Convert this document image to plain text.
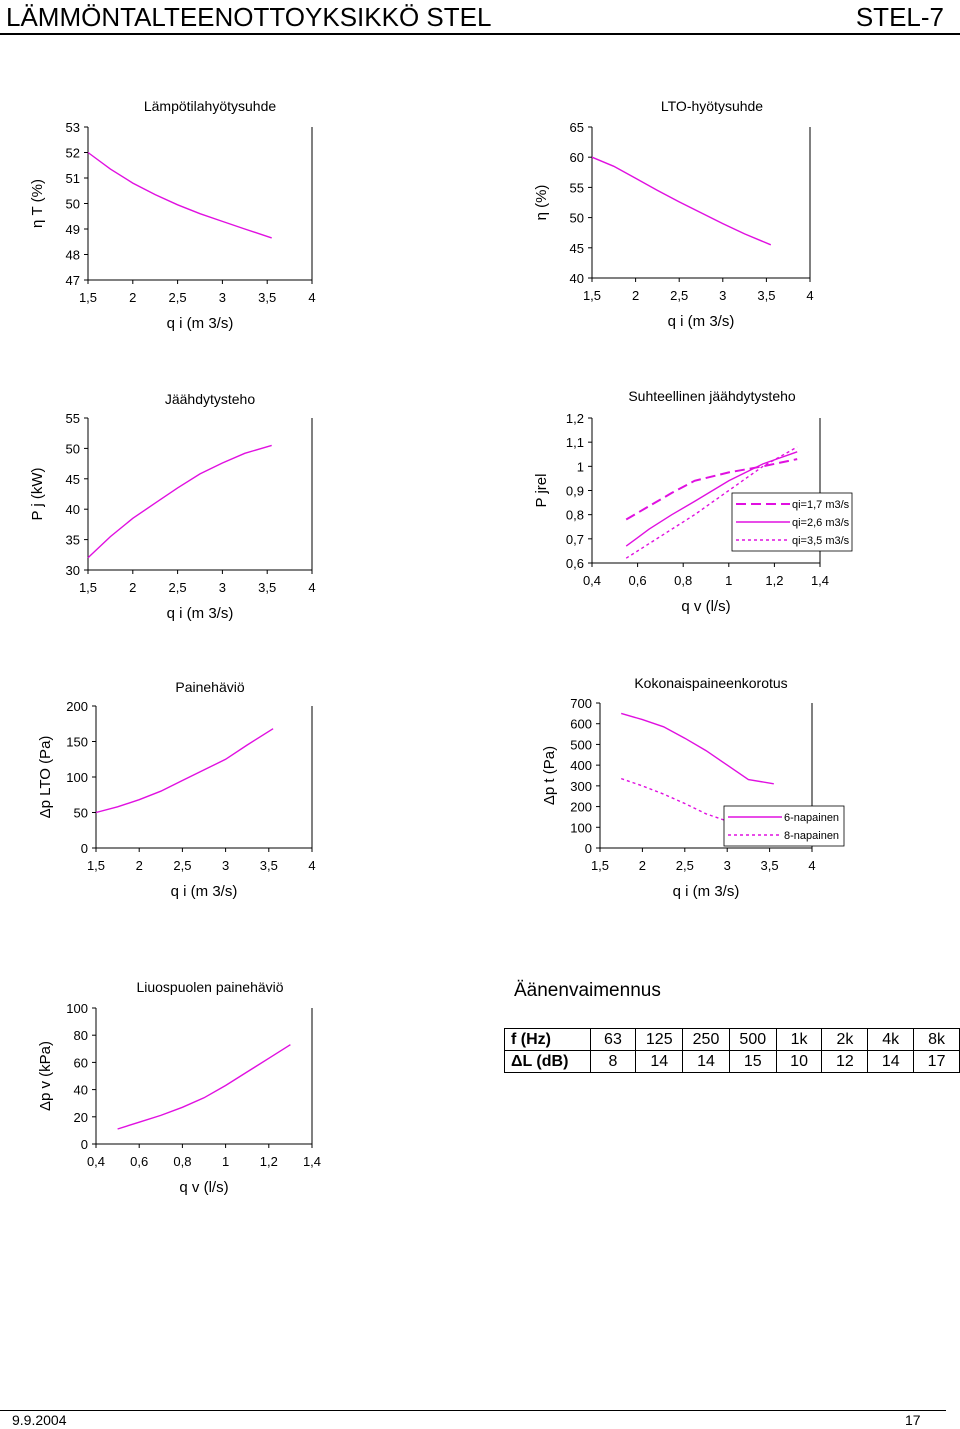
LÄMMÖNTALTEENOTTOYKSIKKÖ STEL	STEL-7
47
48
49
50
51
52
53
1,5 2 2,5 3 3,5 4
Lämpötilahyötysuhde
q i (m 3/s)
η T (%)
40
45
50
55
60
65
1,5 2 2,5 3 3,5 4
LTO-hyötysuhde
q i (m 3/s)
η (%)
30
35
40
45
50
55
1,5 2 2,5 3 3,5 4
Jäähdytysteho
q i (m 3/s)
P j (kW)
0,6
0,7
0,8
0,9
1
1,1
1,2
0,4 0,6 0,8	1	1,2 1,4
Suhteellinen jäähdytysteho
q v (l/s)
P jrel	qi=1,7 m3/s
qi=2,6 m3/s
qi=3,5 m3/s
0
50
100
150
200
1,5 2 2,5 3 3,5 4
Painehäviö
q i (m 3/s)
Δp LTO (Pa)
0
100
200
300
400
500
600
700
1,5 2 2,5 3 3,5 4
Kokonaispaineenkorotus
q i (m 3/s)
Δp t (Pa)
6-napainen
8-napainen
0
20
40
60
80
100
0,4 0,6 0,8 1 1,2 1,4
Liuospuolen painehäviö
q v (l/s)
Δp v (kPa)
Äänenvaimennus
f (Hz)	63	125	250	500	1k	2k	4k	8k
ΔL (dB)	8	14	14	15	10	12	14	17
9.9.2004	17
